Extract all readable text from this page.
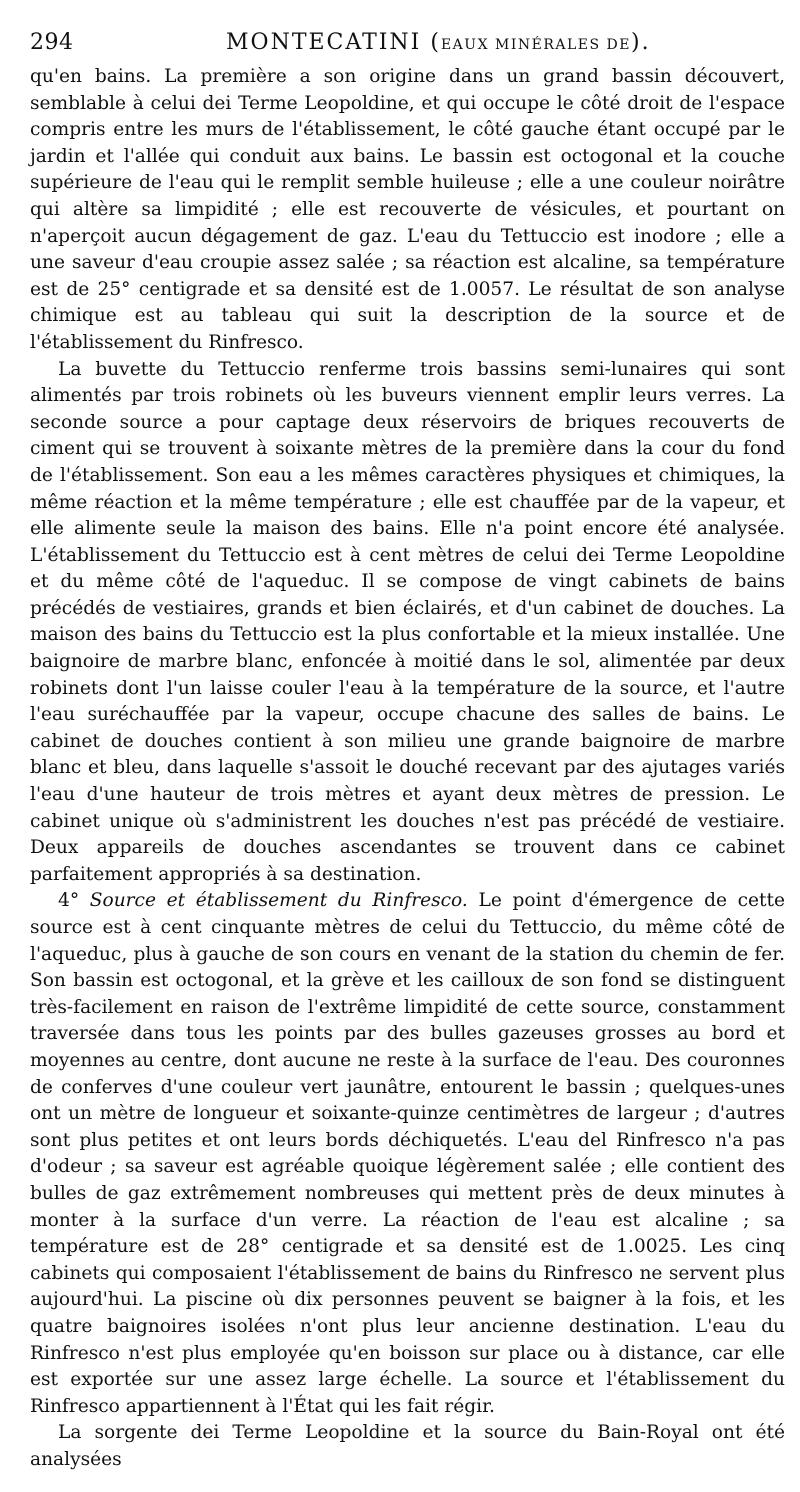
294	MONTECATINI (EAUX MINÉRALES DE).

qu'en bains. La première a son origine dans un grand bassin découvert, semblable à celui dei Terme Leopoldine, et qui occupe le côté droit de l'espace compris entre les murs de l'établissement, le côté gauche étant occupé par le jardin et l'allée qui conduit aux bains. Le bassin est octogonal et la couche supérieure de l'eau qui le remplit semble huileuse ; elle a une couleur noirâtre qui altère sa limpidité ; elle est recouverte de vésicules, et pourtant on n'aperçoit aucun dégagement de gaz. L'eau du Tettuccio est inodore ; elle a une saveur d'eau croupie assez salée ; sa réaction est alcaline, sa température est de 25° centigrade et sa densité est de 1.0057. Le résultat de son analyse chimique est au tableau qui suit la description de la source et de l'établissement du Rinfresco.

La buvette du Tettuccio renferme trois bassins semi-lunaires qui sont alimentés par trois robinets où les buveurs viennent emplir leurs verres. La seconde source a pour captage deux réservoirs de briques recouverts de ciment qui se trouvent à soixante mètres de la première dans la cour du fond de l'établissement. Son eau a les mêmes caractères physiques et chimiques, la même réaction et la même température ; elle est chauffée par de la vapeur, et elle alimente seule la maison des bains. Elle n'a point encore été analysée. L'établissement du Tettuccio est à cent mètres de celui dei Terme Leopoldine et du même côté de l'aqueduc. Il se compose de vingt cabinets de bains précédés de vestiaires, grands et bien éclairés, et d'un cabinet de douches. La maison des bains du Tettuccio est la plus confortable et la mieux installée. Une baignoire de marbre blanc, enfoncée à moitié dans le sol, alimentée par deux robinets dont l'un laisse couler l'eau à la température de la source, et l'autre l'eau suréchauffée par la vapeur, occupe chacune des salles de bains. Le cabinet de douches contient à son milieu une grande baignoire de marbre blanc et bleu, dans laquelle s'assoit le douché recevant par des ajutages variés l'eau d'une hauteur de trois mètres et ayant deux mètres de pression. Le cabinet unique où s'administrent les douches n'est pas précédé de vestiaire. Deux appareils de douches ascendantes se trouvent dans ce cabinet parfaitement appropriés à sa destination.

4° Source et établissement du Rinfresco. Le point d'émergence de cette source est à cent cinquante mètres de celui du Tettuccio, du même côté de l'aqueduc, plus à gauche de son cours en venant de la station du chemin de fer. Son bassin est octogonal, et la grève et les cailloux de son fond se distinguent très-facilement en raison de l'extrême limpidité de cette source, constamment traversée dans tous les points par des bulles gazeuses grosses au bord et moyennes au centre, dont aucune ne reste à la surface de l'eau. Des couronnes de conferves d'une couleur vert jaunâtre, entourent le bassin ; quelques-unes ont un mètre de longueur et soixante-quinze centimètres de largeur ; d'autres sont plus petites et ont leurs bords déchiquetés. L'eau del Rinfresco n'a pas d'odeur ; sa saveur est agréable quoique légèrement salée ; elle contient des bulles de gaz extrêmement nombreuses qui mettent près de deux minutes à monter à la surface d'un verre. La réaction de l'eau est alcaline ; sa température est de 28° centigrade et sa densité est de 1.0025. Les cinq cabinets qui composaient l'établissement de bains du Rinfresco ne servent plus aujourd'hui. La piscine où dix personnes peuvent se baigner à la fois, et les quatre baignoires isolées n'ont plus leur ancienne destination. L'eau du Rinfresco n'est plus employée qu'en boisson sur place ou à distance, car elle est exportée sur une assez large échelle. La source et l'établissement du Rinfresco appartiennent à l'État qui les fait régir.

La sorgente dei Terme Leopoldine et la source du Bain-Royal ont été analysées
